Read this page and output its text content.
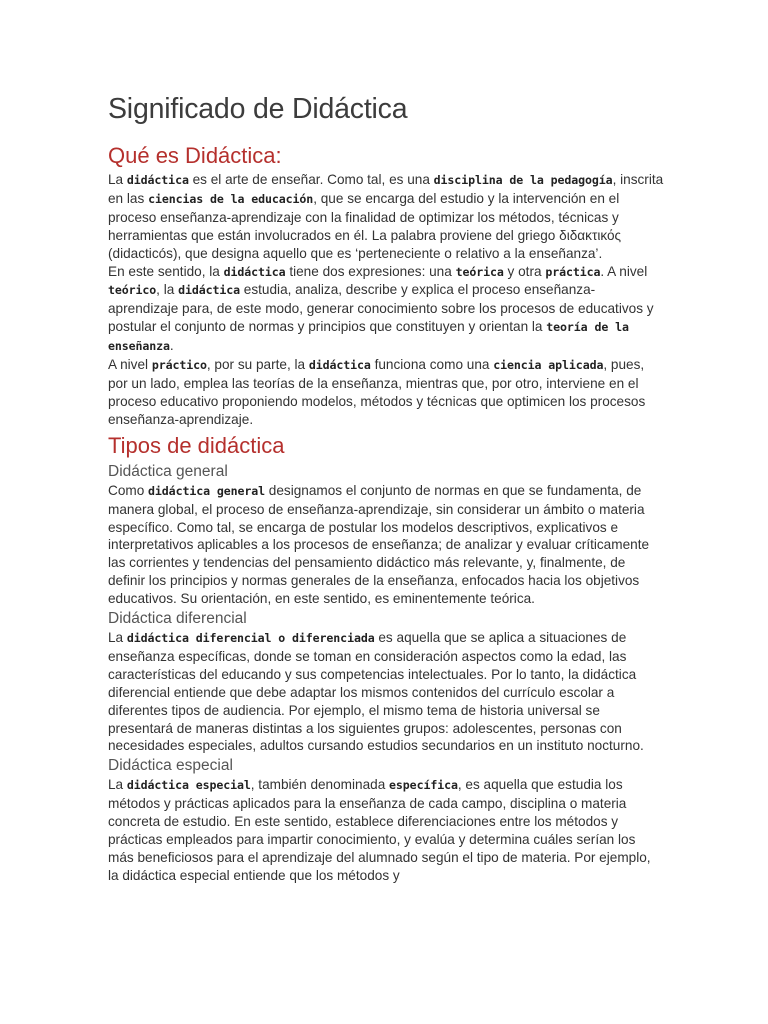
Significado de Didáctica
Qué es Didáctica:

La didáctica es el arte de enseñar. Como tal, es una disciplina de la pedagogía, inscrita en las ciencias de la educación, que se encarga del estudio y la intervención en el proceso enseñanza-aprendizaje con la finalidad de optimizar los métodos, técnicas y herramientas que están involucrados en él. La palabra proviene del griego διδακτικός (didacticós), que designa aquello que es ‘perteneciente o relativo a la enseñanza’.

En este sentido, la didáctica tiene dos expresiones: una teórica y otra práctica. A nivel teórico, la didáctica estudia, analiza, describe y explica el proceso enseñanza-aprendizaje para, de este modo, generar conocimiento sobre los procesos de educativos y postular el conjunto de normas y principios que constituyen y orientan la teoría de la enseñanza.

A nivel práctico, por su parte, la didáctica funciona como una ciencia aplicada, pues, por un lado, emplea las teorías de la enseñanza, mientras que, por otro, interviene en el proceso educativo proponiendo modelos, métodos y técnicas que optimicen los procesos enseñanza-aprendizaje.

Tipos de didáctica
Didáctica general

Como didáctica general designamos el conjunto de normas en que se fundamenta, de manera global, el proceso de enseñanza-aprendizaje, sin considerar un ámbito o materia específico. Como tal, se encarga de postular los modelos descriptivos, explicativos e interpretativos aplicables a los procesos de enseñanza; de analizar y evaluar críticamente las corrientes y tendencias del pensamiento didáctico más relevante, y, finalmente, de definir los principios y normas generales de la enseñanza, enfocados hacia los objetivos educativos. Su orientación, en este sentido, es eminentemente teórica.

Didáctica diferencial

La didáctica diferencial o diferenciada es aquella que se aplica a situaciones de enseñanza específicas, donde se toman en consideración aspectos como la edad, las características del educando y sus competencias intelectuales. Por lo tanto, la didáctica diferencial entiende que debe adaptar los mismos contenidos del currículo escolar a diferentes tipos de audiencia. Por ejemplo, el mismo tema de historia universal se presentará de maneras distintas a los siguientes grupos: adolescentes, personas con necesidades especiales, adultos cursando estudios secundarios en un instituto nocturno.

Didáctica especial

La didáctica especial, también denominada específica, es aquella que estudia los métodos y prácticas aplicados para la enseñanza de cada campo, disciplina o materia concreta de estudio. En este sentido, establece diferenciaciones entre los métodos y prácticas empleados para impartir conocimiento, y evalúa y determina cuáles serían los más beneficiosos para el aprendizaje del alumnado según el tipo de materia. Por ejemplo, la didáctica especial entiende que los métodos y
